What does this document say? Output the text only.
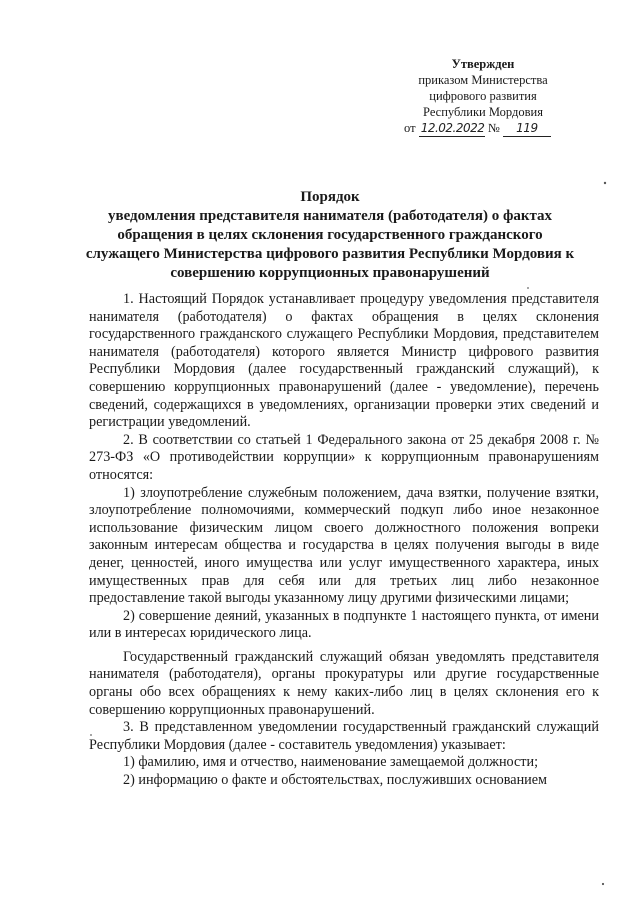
Утвержден
приказом Министерства
цифрового развития
Республики Мордовия
от 12.02.2022 № 119
Порядок
уведомления представителя нанимателя (работодателя) о фактах
обращения в целях склонения государственного гражданского
служащего Министерства цифрового развития Республики Мордовия к
совершению коррупционных правонарушений

1. Настоящий Порядок устанавливает процедуру уведомления представителя нанимателя (работодателя) о фактах обращения в целях склонения государственного гражданского служащего Республики Мордовия, представителем нанимателя (работодателя) которого является Министр цифрового развития Республики Мордовия (далее государственный гражданский служащий), к совершению коррупционных правонарушений (далее - уведомление), перечень сведений, содержащихся в уведомлениях, организации проверки этих сведений и регистрации уведомлений.

2. В соответствии со статьей 1 Федерального закона от 25 декабря 2008 г. № 273-ФЗ «О противодействии коррупции» к коррупционным правонарушениям относятся:

1) злоупотребление служебным положением, дача взятки, получение взятки, злоупотребление полномочиями, коммерческий подкуп либо иное незаконное использование физическим лицом своего должностного положения вопреки законным интересам общества и государства в целях получения выгоды в виде денег, ценностей, иного имущества или услуг имущественного характера, иных имущественных прав для себя или для третьих лиц либо незаконное предоставление такой выгоды указанному лицу другими физическими лицами;

2) совершение деяний, указанных в подпункте 1 настоящего пункта, от имени или в интересах юридического лица.

Государственный гражданский служащий обязан уведомлять представителя нанимателя (работодателя), органы прокуратуры или другие государственные органы обо всех обращениях к нему каких-либо лиц в целях склонения его к совершению коррупционных правонарушений.

3. В представленном уведомлении государственный гражданский служащий Республики Мордовия (далее - составитель уведомления) указывает:

1) фамилию, имя и отчество, наименование замещаемой должности;

2) информацию о факте и обстоятельствах, послуживших основанием
